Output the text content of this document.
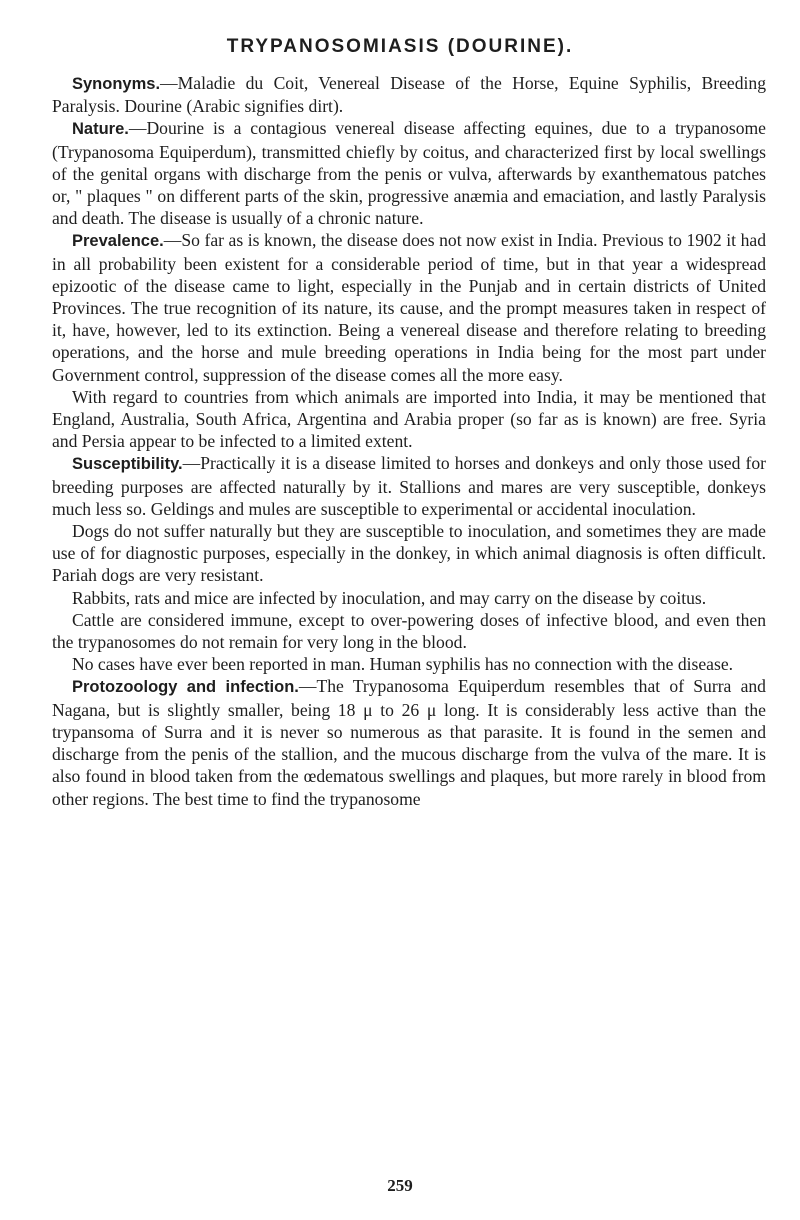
TRYPANOSOMIASIS (DOURINE).

Synonyms.—Maladie du Coit, Venereal Disease of the Horse, Equine Syphilis, Breeding Paralysis. Dourine (Arabic signifies dirt).

Nature.—Dourine is a contagious venereal disease affecting equines, due to a trypanosome (Trypanosoma Equiperdum), transmitted chiefly by coitus, and characterized first by local swellings of the genital organs with discharge from the penis or vulva, afterwards by exanthematous patches or, " plaques " on different parts of the skin, progressive anæmia and emaciation, and lastly Paralysis and death. The disease is usually of a chronic nature.

Prevalence.—So far as is known, the disease does not now exist in India. Previous to 1902 it had in all probability been existent for a considerable period of time, but in that year a widespread epizootic of the disease came to light, especially in the Punjab and in certain districts of United Provinces. The true recognition of its nature, its cause, and the prompt measures taken in respect of it, have, however, led to its extinction. Being a venereal disease and therefore relating to breeding operations, and the horse and mule breeding operations in India being for the most part under Government control, suppression of the disease comes all the more easy.

With regard to countries from which animals are imported into India, it may be mentioned that England, Australia, South Africa, Argentina and Arabia proper (so far as is known) are free. Syria and Persia appear to be infected to a limited extent.

Susceptibility.—Practically it is a disease limited to horses and donkeys and only those used for breeding purposes are affected naturally by it. Stallions and mares are very susceptible, donkeys much less so. Geldings and mules are susceptible to experimental or accidental inoculation.

Dogs do not suffer naturally but they are susceptible to inoculation, and sometimes they are made use of for diagnostic purposes, especially in the donkey, in which animal diagnosis is often difficult. Pariah dogs are very resistant.

Rabbits, rats and mice are infected by inoculation, and may carry on the disease by coitus.

Cattle are considered immune, except to over-powering doses of infective blood, and even then the trypanosomes do not remain for very long in the blood.

No cases have ever been reported in man. Human syphilis has no connection with the disease.

Protozoology and infection.—The Trypanosoma Equiperdum resembles that of Surra and Nagana, but is slightly smaller, being 18 μ to 26 μ long. It is considerably less active than the trypansoma of Surra and it is never so numerous as that parasite. It is found in the semen and discharge from the penis of the stallion, and the mucous discharge from the vulva of the mare. It is also found in blood taken from the œdematous swellings and plaques, but more rarely in blood from other regions. The best time to find the trypanosome

259
